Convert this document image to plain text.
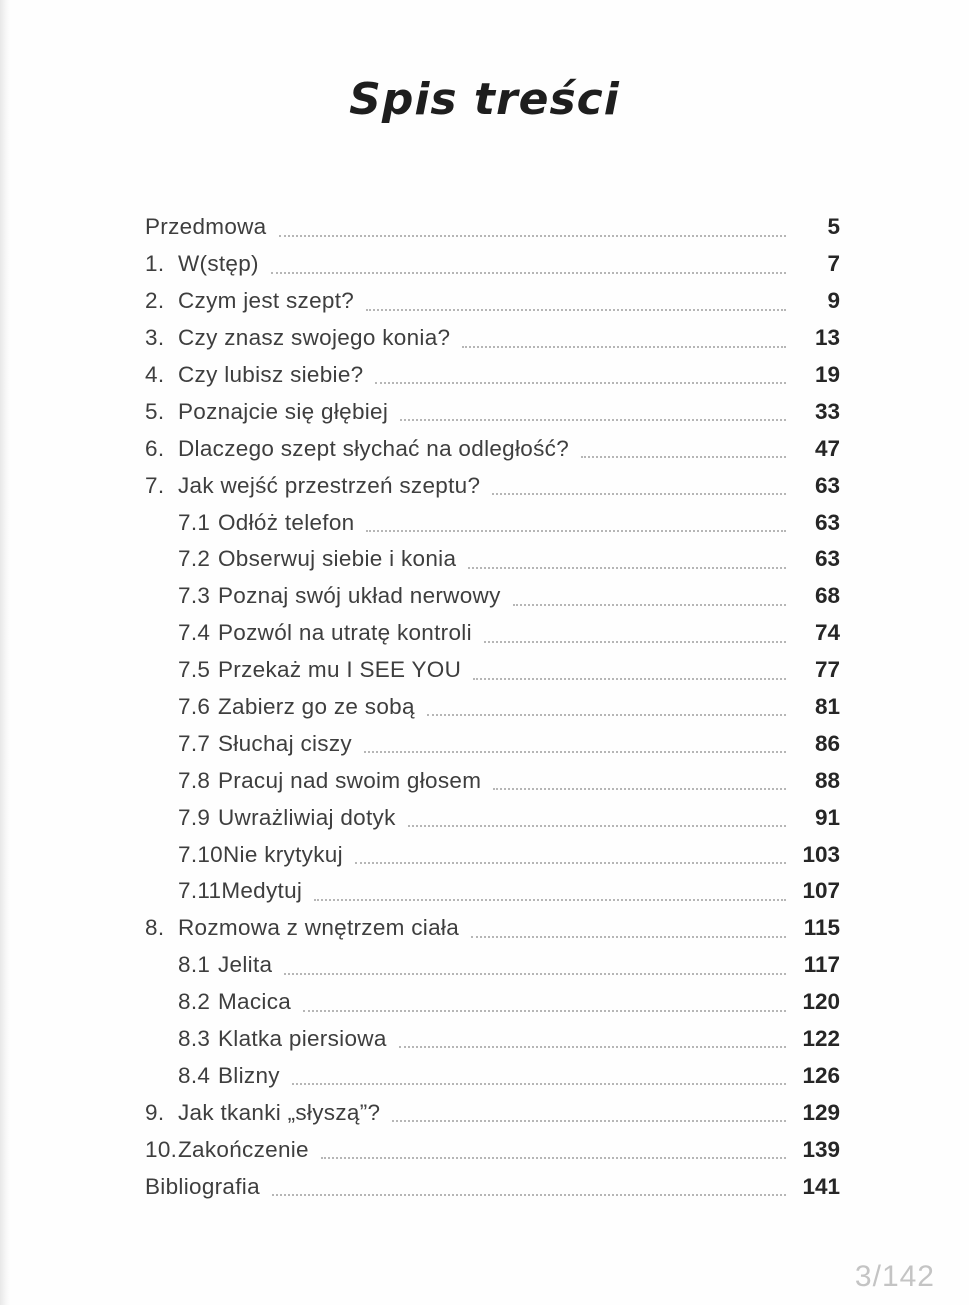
Spis treści
Przedmowa	5
1. W(stęp)	7
2. Czym jest szept?	9
3. Czy znasz swojego konia?	13
4. Czy lubisz siebie?	19
5. Poznajcie się głębiej	33
6. Dlaczego szept słychać na odległość?	47
7. Jak wejść przestrzeń szeptu?	63
7.1 Odłóż telefon	63
7.2 Obserwuj siebie i konia	63
7.3 Poznaj swój układ nerwowy	68
7.4 Pozwól na utratę kontroli	74
7.5 Przekaż mu I SEE YOU	77
7.6 Zabierz go ze sobą	81
7.7 Słuchaj ciszy	86
7.8 Pracuj nad swoim głosem	88
7.9 Uwrażliwiaj dotyk	91
7.10 Nie krytykuj	103
7.11 Medytuj	107
8. Rozmowa z wnętrzem ciała	115
8.1 Jelita	117
8.2 Macica	120
8.3 Klatka piersiowa	122
8.4 Blizny	126
9. Jak tkanki „słyszą”?	129
10. Zakończenie	139
Bibliografia	141
3/142
